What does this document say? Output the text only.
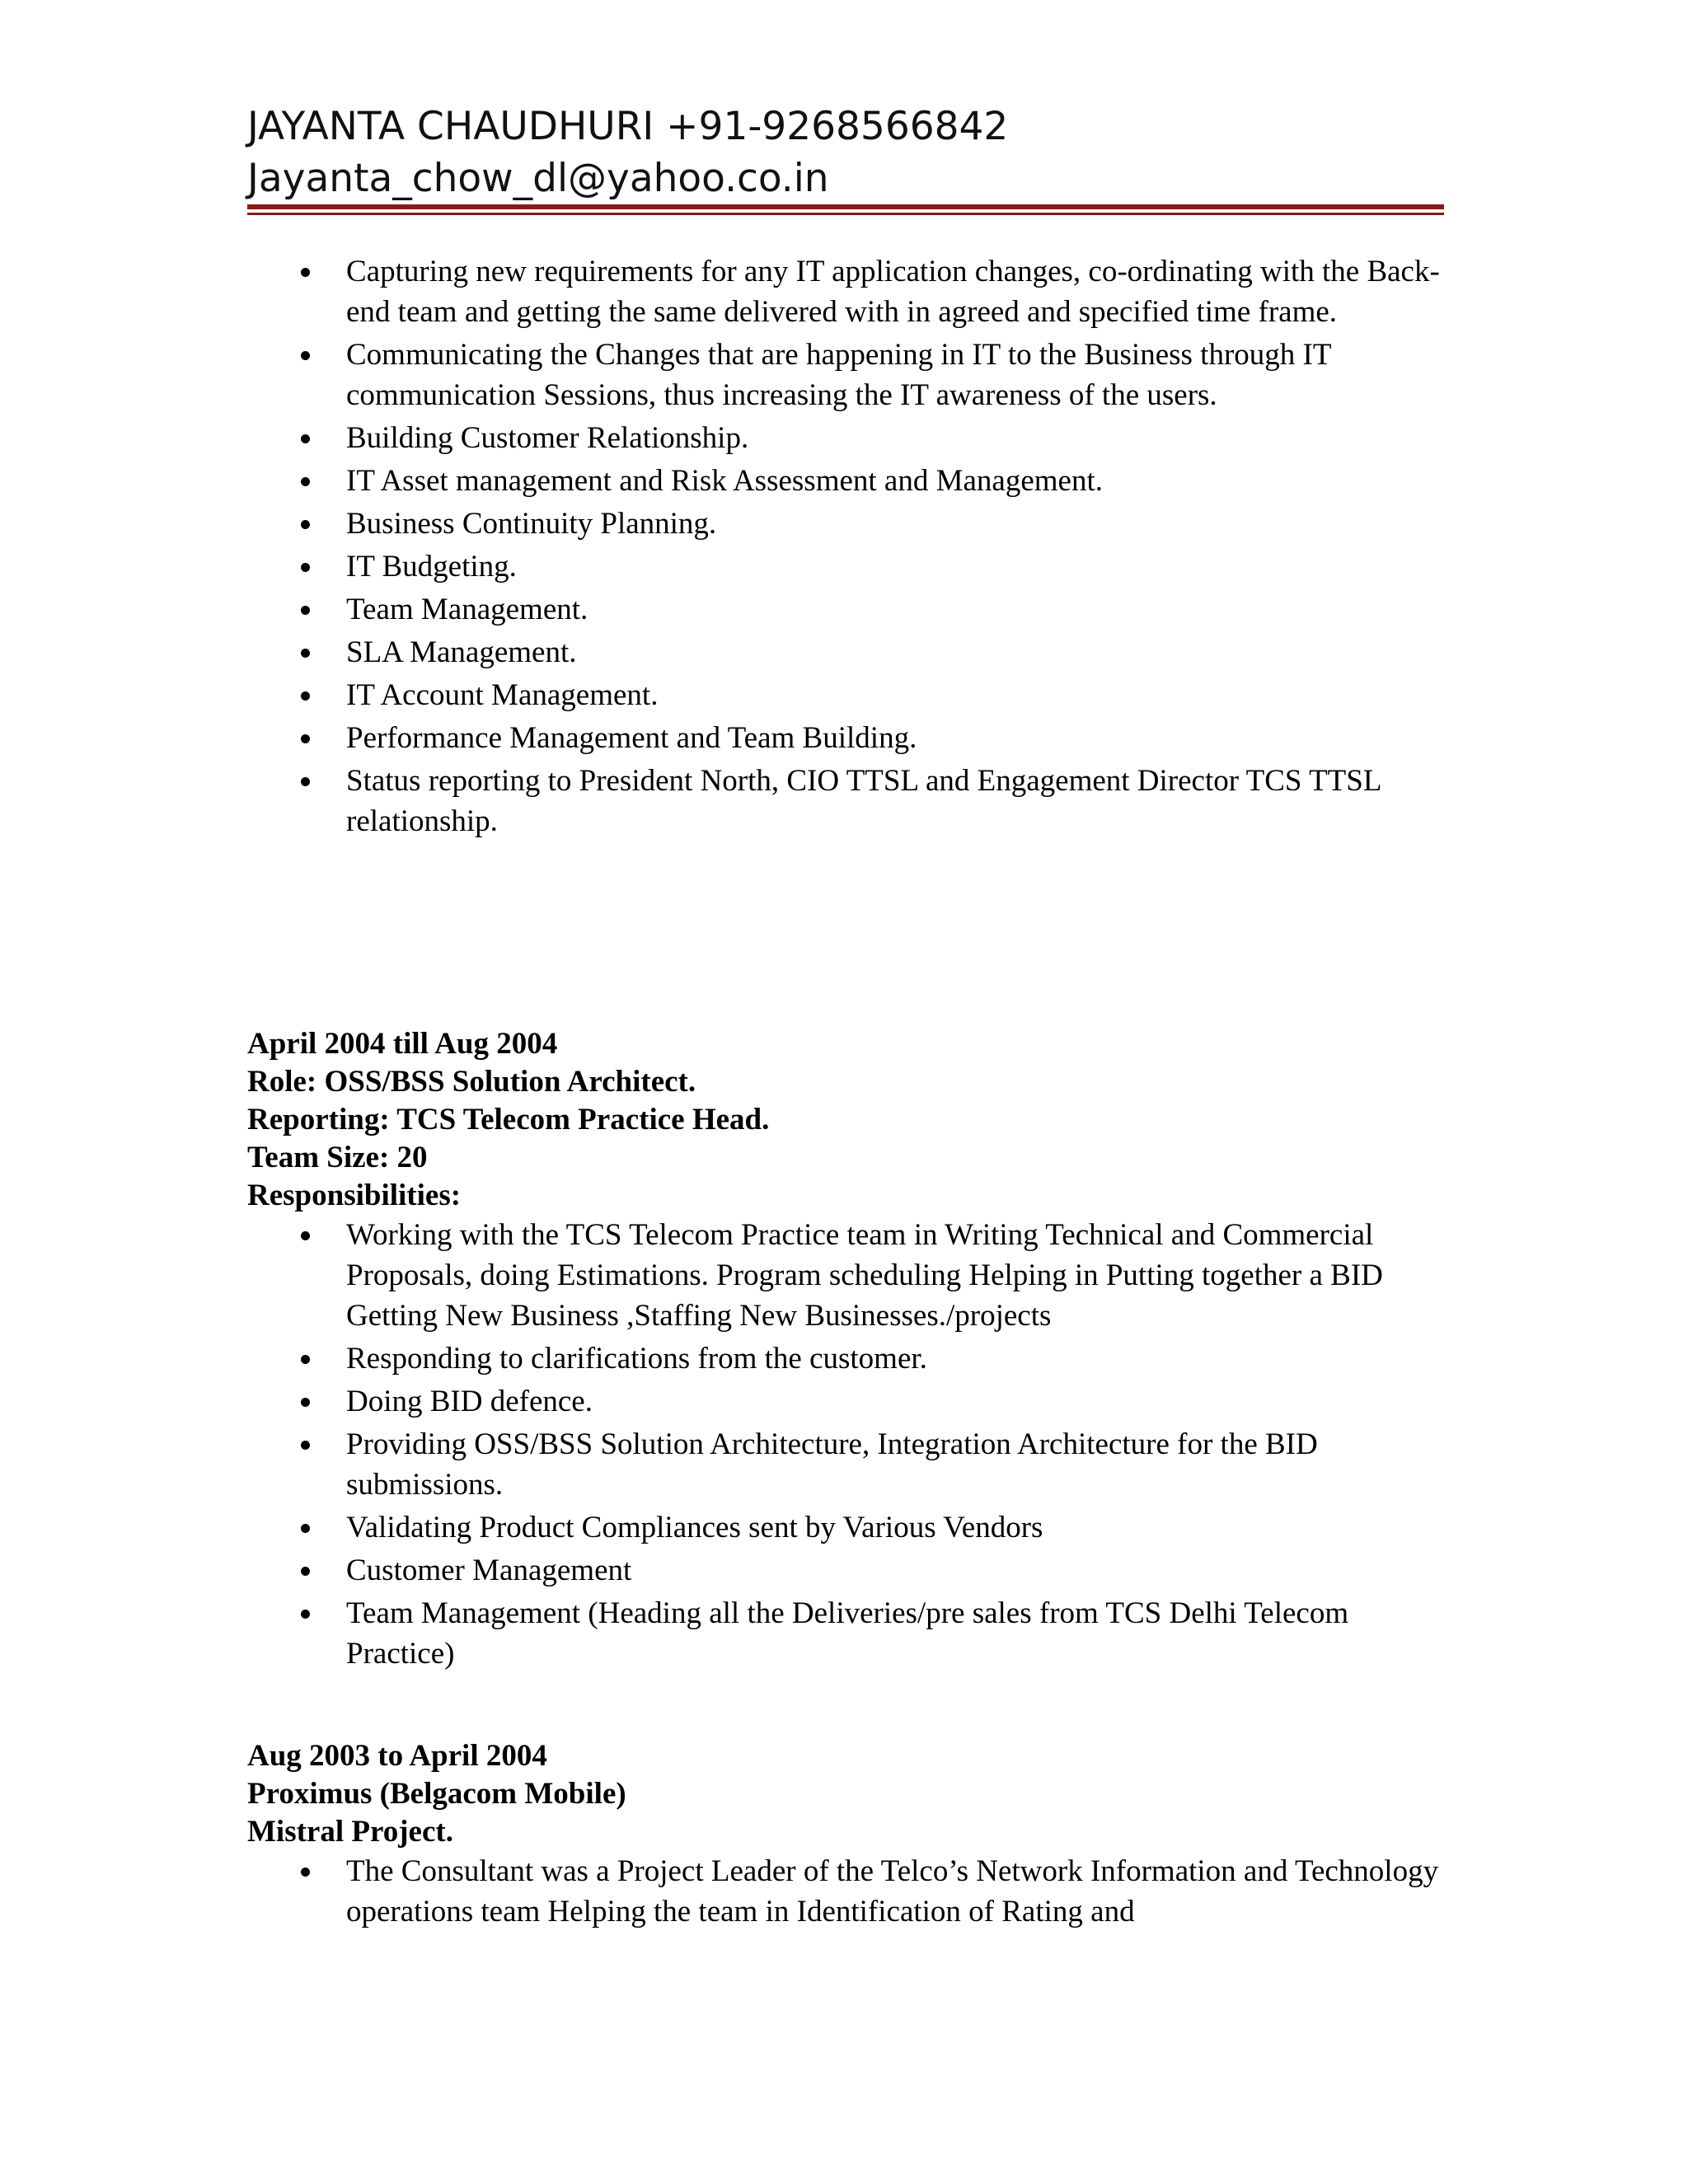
JAYANTA CHAUDHURI +91-9268566842
Jayanta_chow_dl@yahoo.co.in
Capturing new requirements for any IT application changes, co-ordinating with the Back-end team and getting the same delivered with in agreed and specified time frame.
Communicating the Changes that are happening in IT to the Business through IT communication Sessions, thus increasing the IT awareness of the users.
Building Customer Relationship.
IT Asset management and Risk Assessment and Management.
Business Continuity Planning.
IT Budgeting.
Team Management.
SLA Management.
IT Account Management.
Performance Management and Team Building.
Status reporting to President North, CIO TTSL and Engagement Director TCS TTSL relationship.
April 2004 till Aug 2004
Role: OSS/BSS Solution Architect.
Reporting: TCS Telecom Practice Head.
Team Size: 20
Responsibilities:
Working with the TCS Telecom Practice team in Writing Technical and Commercial Proposals, doing Estimations. Program scheduling Helping in Putting together a BID Getting New Business ,Staffing New Businesses./projects
Responding to clarifications from the customer.
Doing BID defence.
Providing OSS/BSS Solution Architecture, Integration Architecture for the BID submissions.
Validating Product Compliances sent by Various Vendors
Customer Management
Team Management (Heading all the Deliveries/pre sales from TCS Delhi Telecom Practice)
Aug 2003 to April 2004
Proximus (Belgacom Mobile)
Mistral Project.
The Consultant was a Project Leader of the Telco’s Network Information and Technology operations team Helping the team in Identification of Rating and
